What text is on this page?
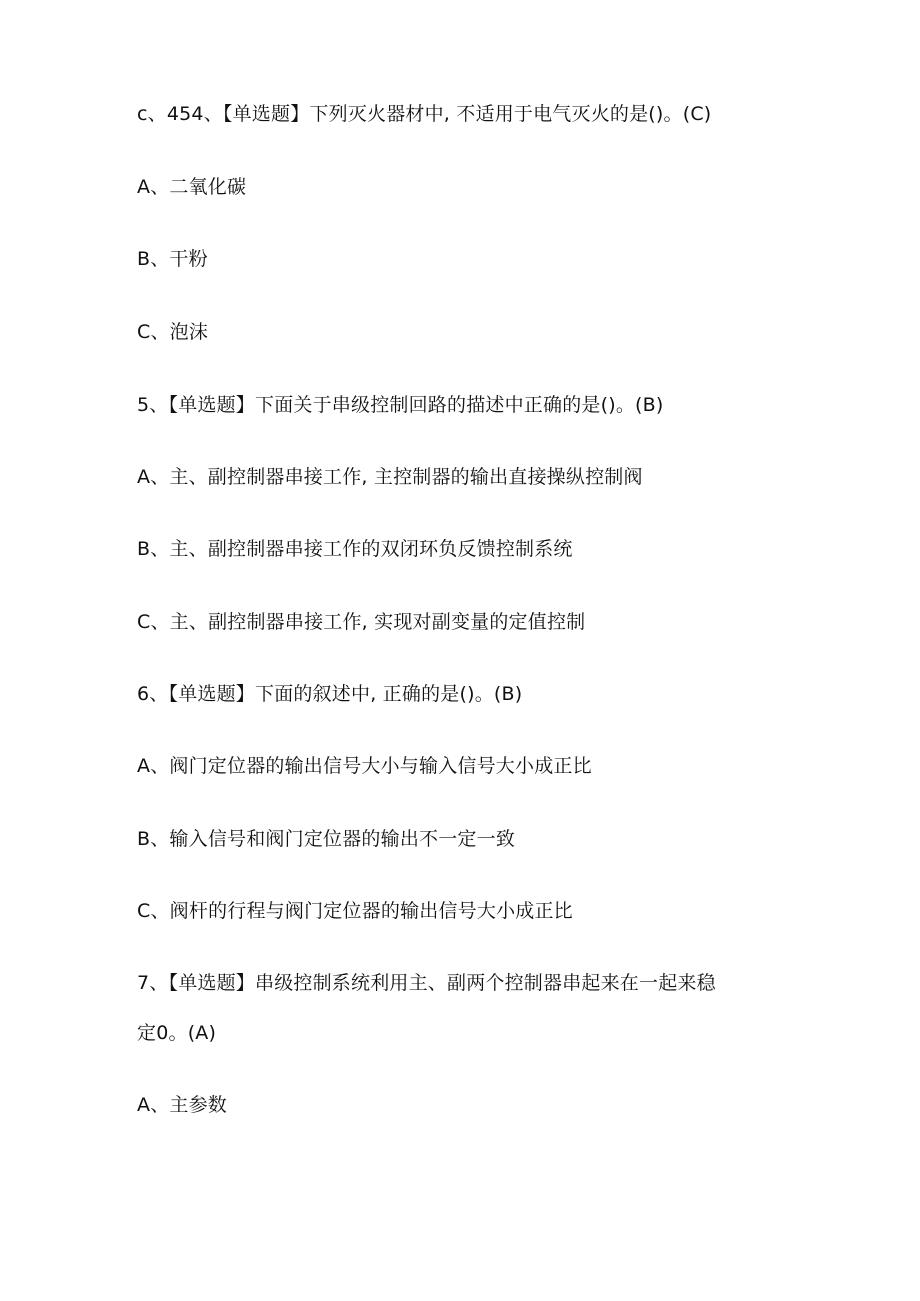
c、454、【单选题】下列灭火器材中, 不适用于电气灭火的是()。(C)
A、二氧化碳
B、干粉
C、泡沫
5、【单选题】下面关于串级控制回路的描述中正确的是()。(B)
A、主、副控制器串接工作, 主控制器的输出直接操纵控制阀
B、主、副控制器串接工作的双闭环负反馈控制系统
C、主、副控制器串接工作, 实现对副变量的定值控制
6、【单选题】下面的叙述中, 正确的是()。(B)
A、阀门定位器的输出信号大小与输入信号大小成正比
B、输入信号和阀门定位器的输出不一定一致
C、阀杆的行程与阀门定位器的输出信号大小成正比
7、【单选题】串级控制系统利用主、副两个控制器串起来在一起来稳
定0。(A)
A、主参数
